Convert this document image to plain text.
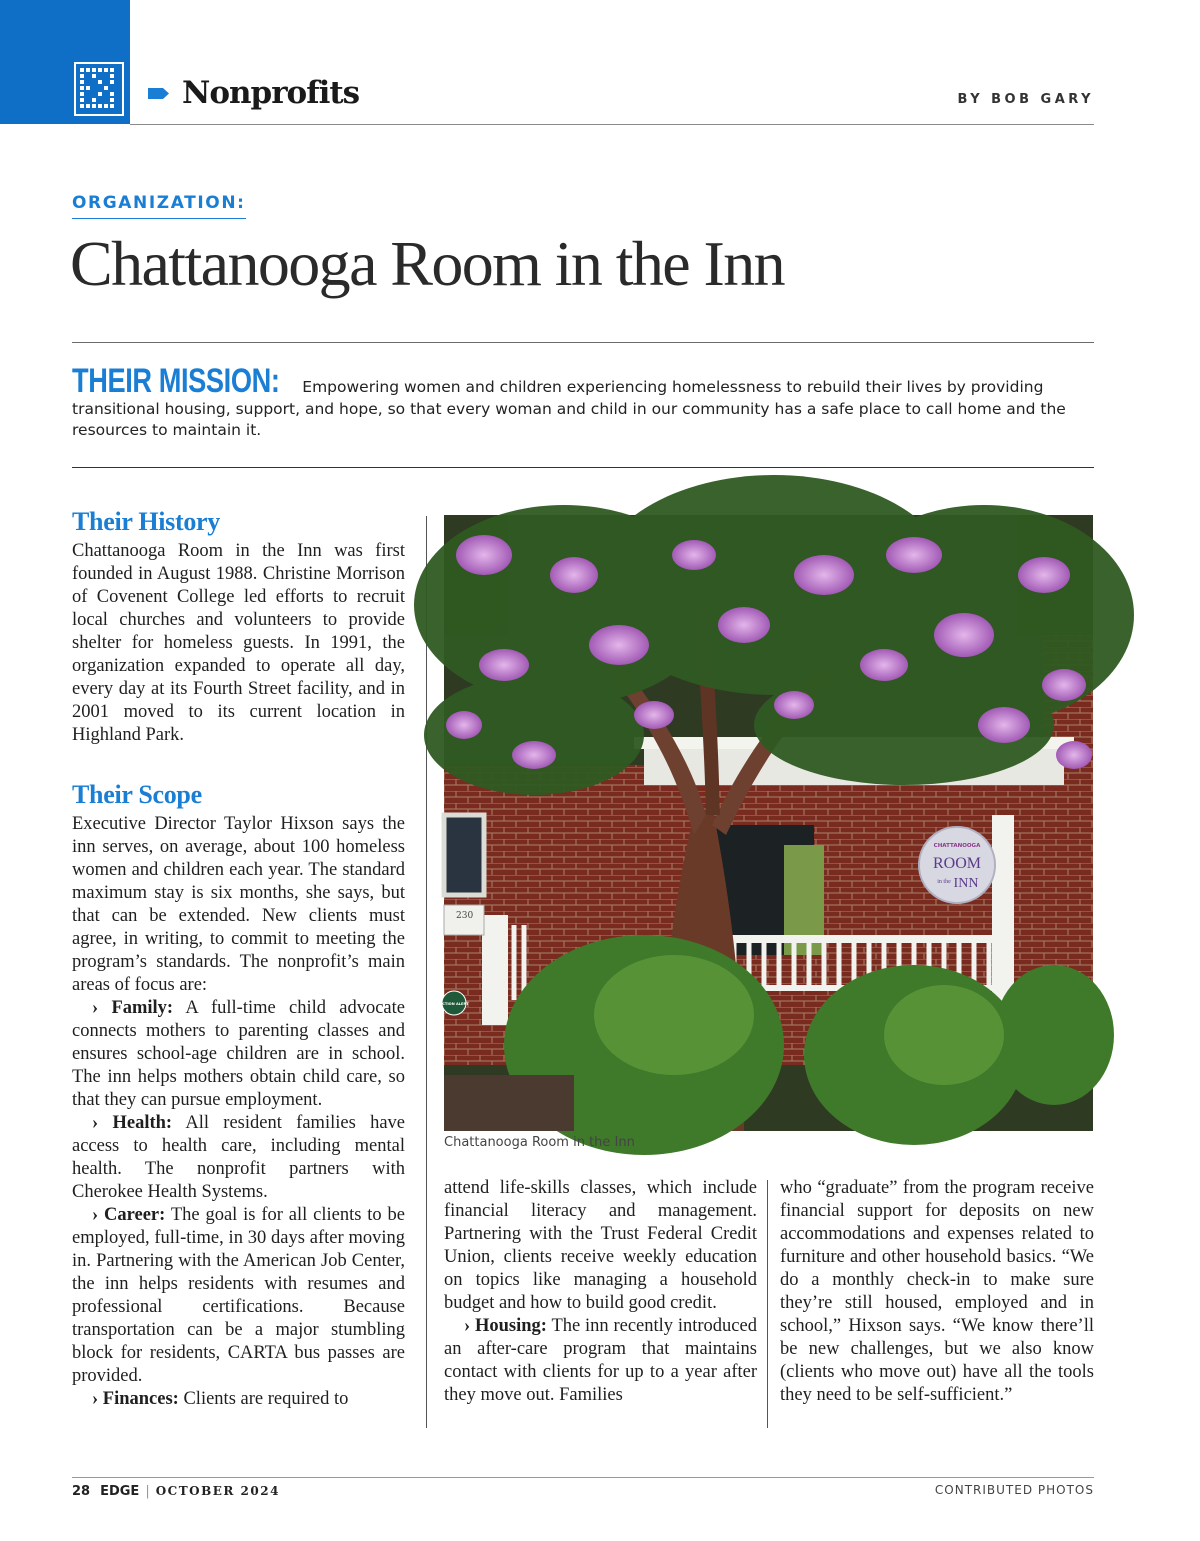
Nonprofits	BY BOB GARY
ORGANIZATION:
Chattanooga Room in the Inn
THEIR MISSION: Empowering women and children experiencing homelessness to rebuild their lives by providing transitional housing, support, and hope, so that every woman and child in our community has a safe place to call home and the resources to maintain it.
Their History

Chattanooga Room in the Inn was first founded in August 1988. Christine Morrison of Covenent College led efforts to recruit local churches and volunteers to provide shelter for homeless guests. In 1991, the organization expanded to operate all day, every day at its Fourth Street facility, and in 2001 moved to its current location in Highland Park.

Their Scope

Executive Director Taylor Hixson says the inn serves, on average, about 100 homeless women and children each year. The standard maximum stay is six months, she says, but that can be extended. New clients must agree, in writing, to commit to meeting the program’s standards. The nonprofit’s main areas of focus are:

› Family: A full-time child advocate connects mothers to parenting classes and ensures school-age children are in school. The inn helps mothers obtain child care, so that they can pursue employment.

› Health: All resident families have access to health care, including mental health. The nonprofit partners with Cherokee Health Systems.

› Career: The goal is for all clients to be employed, full-time, in 30 days after moving in. Partnering with the American Job Center, the inn helps residents with resumes and professional certifications. Because transportation can be a major stumbling block for residents, CARTA bus passes are provided.

› Finances: Clients are required to

230
CHATTANOOGA
ROOM
in the INN
ACTION ALERT
Chattanooga Room in the Inn

attend life-skills classes, which include financial literacy and management. Partnering with the Trust Federal Credit Union, clients receive weekly education on topics like managing a household budget and how to build good credit.

› Housing: The inn recently introduced an after-care program that maintains contact with clients for up to a year after they move out. Families

who “graduate” from the program receive financial support for deposits on new accommodations and expenses related to furniture and other household basics. “We do a monthly check-in to make sure they’re still housed, employed and in school,” Hixson says. “We know there’ll be new challenges, but we also know (clients who move out) have all the tools they need to be self-sufficient.”

28 EDGE | OCTOBER 2024	CONTRIBUTED PHOTOS
